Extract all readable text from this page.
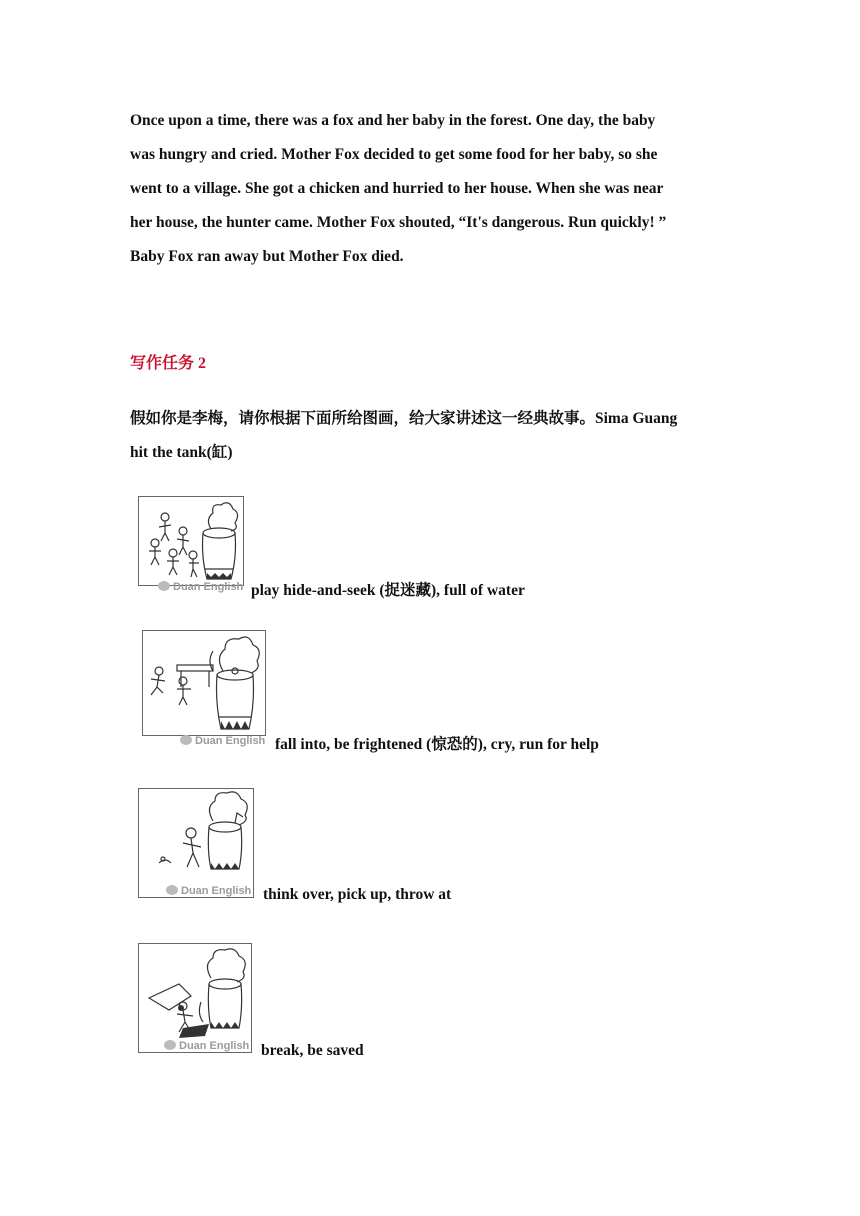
Once upon a time, there was a fox and her baby in the forest. One day, the baby
was hungry and cried. Mother Fox decided to get some food for her baby, so she
went to a village. She got a chicken and hurried to her house. When she was near
her house, the hunter came. Mother Fox shouted, “It's dangerous. Run quickly! ”
Baby Fox ran away but Mother Fox died.
写作任务 2
假如你是李梅，请你根据下面所给图画，给大家讲述这一经典故事。Sima Guang
hit the tank(缸)
Duan English play hide-and-seek (捉迷藏), full of water
Duan English fall into, be frightened (惊恐的), cry, run for help
Duan English think over, pick up, throw at
Duan English break, be saved
